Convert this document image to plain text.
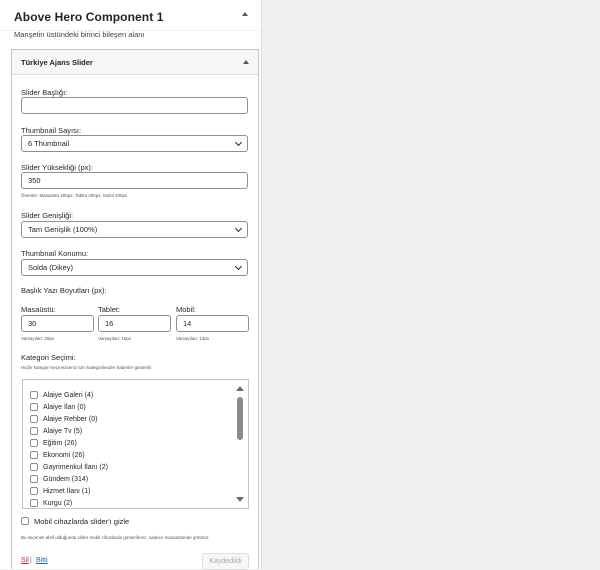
Above Hero Component 1
Manşetin üstündeki birinci bileşen alanı
Türkiye Ajans Slider
Slider Başlığı:
Thumbnail Sayısı:
6 Thumbnail
Slider Yüksekliği (px):
350
Öneriler: Masaüstü 400px, Tablet 250px, Mobil 200px
Slider Genişliği:
Tam Genişlik (100%)
Thumbnail Konumu:
Solda (Dikey)
Başlık Yazı Boyutları (px):
Masaüstü:
30
Varsayılan: 20px
Tablet:
16
Varsayılan: 16px
Mobil:
14
Varsayılan: 14px
Kategori Seçimi:
Hiçbir kategori seçmezseniz tüm kategorilerden haberler gösterilir.
Alaiye Galeri (4)
Alaiye İlan (0)
Alaiye Rehber (0)
Alaiye Tv (5)
Eğitim (26)
Ekonomi (26)
Gayrimenkul İlanı (2)
Gündem (314)
Hizmet İlanı (1)
Kurgu (2)
Mobil cihazlarda slider'ı gizle
Bu seçenek aktif olduğunda slider mobil cihazlarda gösterilmez, sadece masaüstünde görünür.
Sil | Bitti	Kaydedildi
